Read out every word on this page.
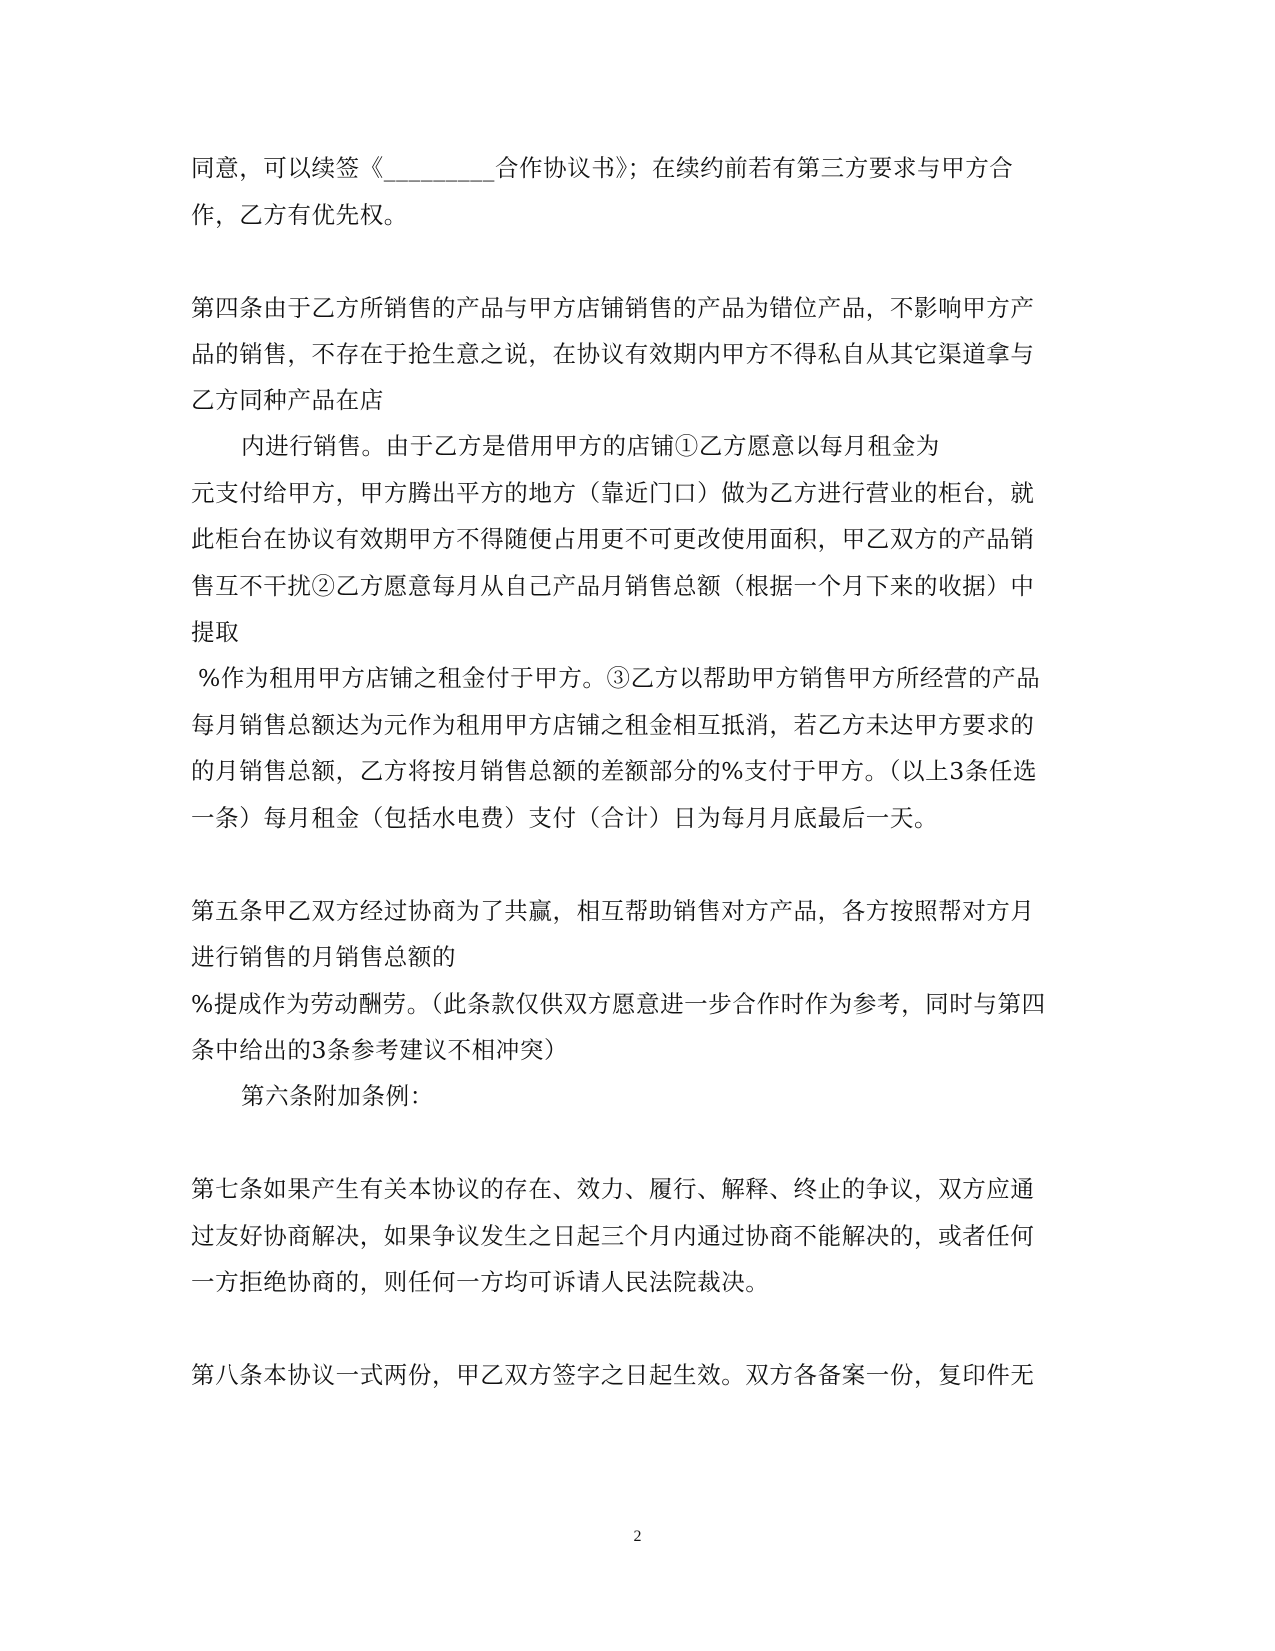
同意，可以续签《_________合作协议书》；在续约前若有第三方要求与甲方合
作，乙方有优先权。
第四条由于乙方所销售的产品与甲方店铺销售的产品为错位产品，不影响甲方产
品的销售，不存在于抢生意之说，在协议有效期内甲方不得私自从其它渠道拿与
乙方同种产品在店
内进行销售。由于乙方是借用甲方的店铺①乙方愿意以每月租金为
元支付给甲方，甲方腾出平方的地方（靠近门口）做为乙方进行营业的柜台，就
此柜台在协议有效期甲方不得随便占用更不可更改使用面积，甲乙双方的产品销
售互不干扰②乙方愿意每月从自己产品月销售总额（根据一个月下来的收据）中
提取
%作为租用甲方店铺之租金付于甲方。③乙方以帮助甲方销售甲方所经营的产品
每月销售总额达为元作为租用甲方店铺之租金相互抵消，若乙方未达甲方要求的
的月销售总额，乙方将按月销售总额的差额部分的%支付于甲方。（以上3条任选
一条）每月租金（包括水电费）支付（合计）日为每月月底最后一天。
第五条甲乙双方经过协商为了共赢，相互帮助销售对方产品，各方按照帮对方月
进行销售的月销售总额的
%提成作为劳动酬劳。（此条款仅供双方愿意进一步合作时作为参考，同时与第四
条中给出的3条参考建议不相冲突）
第六条附加条例：
第七条如果产生有关本协议的存在、效力、履行、解释、终止的争议，双方应通
过友好协商解决，如果争议发生之日起三个月内通过协商不能解决的，或者任何
一方拒绝协商的，则任何一方均可诉请人民法院裁决。
第八条本协议一式两份，甲乙双方签字之日起生效。双方各备案一份，复印件无
2
